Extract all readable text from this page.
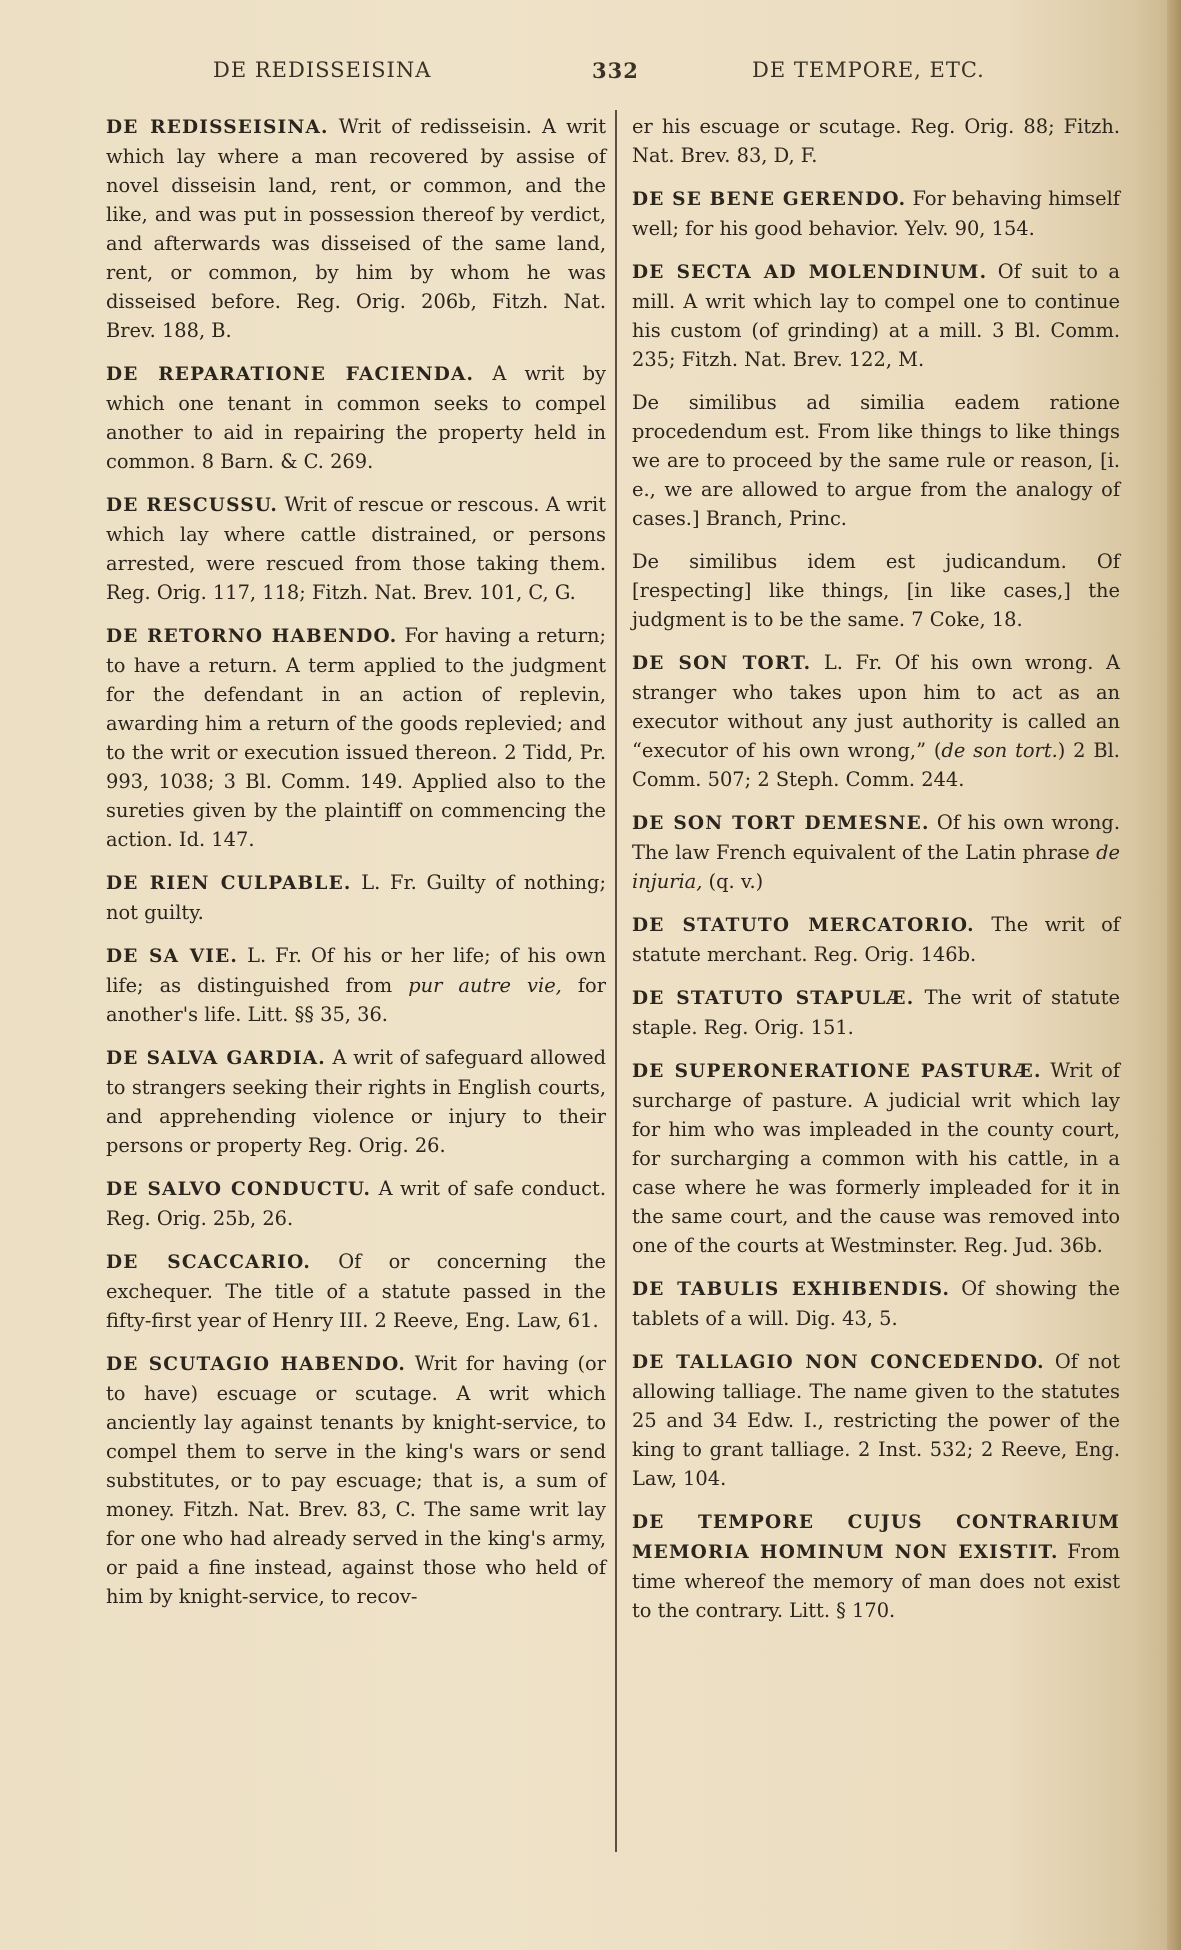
DE REDISSEISINA	332	DE TEMPORE, ETC.

DE REDISSEISINA. Writ of redisseisin. A writ which lay where a man recovered by assise of novel disseisin land, rent, or common, and the like, and was put in possession thereof by verdict, and afterwards was disseised of the same land, rent, or common, by him by whom he was disseised before. Reg. Orig. 206b, Fitzh. Nat. Brev. 188, B.

DE REPARATIONE FACIENDA. A writ by which one tenant in common seeks to compel another to aid in repairing the property held in common. 8 Barn. & C. 269.

DE RESCUSSU. Writ of rescue or rescous. A writ which lay where cattle distrained, or persons arrested, were rescued from those taking them. Reg. Orig. 117, 118; Fitzh. Nat. Brev. 101, C, G.

DE RETORNO HABENDO. For having a return; to have a return. A term applied to the judgment for the defendant in an action of replevin, awarding him a return of the goods replevied; and to the writ or execution issued thereon. 2 Tidd, Pr. 993, 1038; 3 Bl. Comm. 149. Applied also to the sureties given by the plaintiff on commencing the action. Id. 147.

DE RIEN CULPABLE. L. Fr. Guilty of nothing; not guilty.

DE SA VIE. L. Fr. Of his or her life; of his own life; as distinguished from pur autre vie, for another's life. Litt. §§ 35, 36.

DE SALVA GARDIA. A writ of safeguard allowed to strangers seeking their rights in English courts, and apprehending violence or injury to their persons or property Reg. Orig. 26.

DE SALVO CONDUCTU. A writ of safe conduct. Reg. Orig. 25b, 26.

DE SCACCARIO. Of or concerning the exchequer. The title of a statute passed in the fifty-first year of Henry III. 2 Reeve, Eng. Law, 61.

DE SCUTAGIO HABENDO. Writ for having (or to have) escuage or scutage. A writ which anciently lay against tenants by knight-service, to compel them to serve in the king's wars or send substitutes, or to pay escuage; that is, a sum of money. Fitzh. Nat. Brev. 83, C. The same writ lay for one who had already served in the king's army, or paid a fine instead, against those who held of him by knight-service, to recov-

er his escuage or scutage. Reg. Orig. 88; Fitzh. Nat. Brev. 83, D, F.

DE SE BENE GERENDO. For behaving himself well; for his good behavior. Yelv. 90, 154.

DE SECTA AD MOLENDINUM. Of suit to a mill. A writ which lay to compel one to continue his custom (of grinding) at a mill. 3 Bl. Comm. 235; Fitzh. Nat. Brev. 122, M.

De similibus ad similia eadem ratione procedendum est. From like things to like things we are to proceed by the same rule or reason, [i. e., we are allowed to argue from the analogy of cases.] Branch, Princ.

De similibus idem est judicandum. Of [respecting] like things, [in like cases,] the judgment is to be the same. 7 Coke, 18.

DE SON TORT. L. Fr. Of his own wrong. A stranger who takes upon him to act as an executor without any just authority is called an “executor of his own wrong,” (de son tort.) 2 Bl. Comm. 507; 2 Steph. Comm. 244.

DE SON TORT DEMESNE. Of his own wrong. The law French equivalent of the Latin phrase de injuria, (q. v.)

DE STATUTO MERCATORIO. The writ of statute merchant. Reg. Orig. 146b.

DE STATUTO STAPULÆ. The writ of statute staple. Reg. Orig. 151.

DE SUPERONERATIONE PASTURÆ. Writ of surcharge of pasture. A judicial writ which lay for him who was impleaded in the county court, for surcharging a common with his cattle, in a case where he was formerly impleaded for it in the same court, and the cause was removed into one of the courts at Westminster. Reg. Jud. 36b.

DE TABULIS EXHIBENDIS. Of showing the tablets of a will. Dig. 43, 5.

DE TALLAGIO NON CONCEDENDO. Of not allowing talliage. The name given to the statutes 25 and 34 Edw. I., restricting the power of the king to grant talliage. 2 Inst. 532; 2 Reeve, Eng. Law, 104.

DE TEMPORE CUJUS CONTRARIUM MEMORIA HOMINUM NON EXISTIT. From time whereof the memory of man does not exist to the contrary. Litt. § 170.
